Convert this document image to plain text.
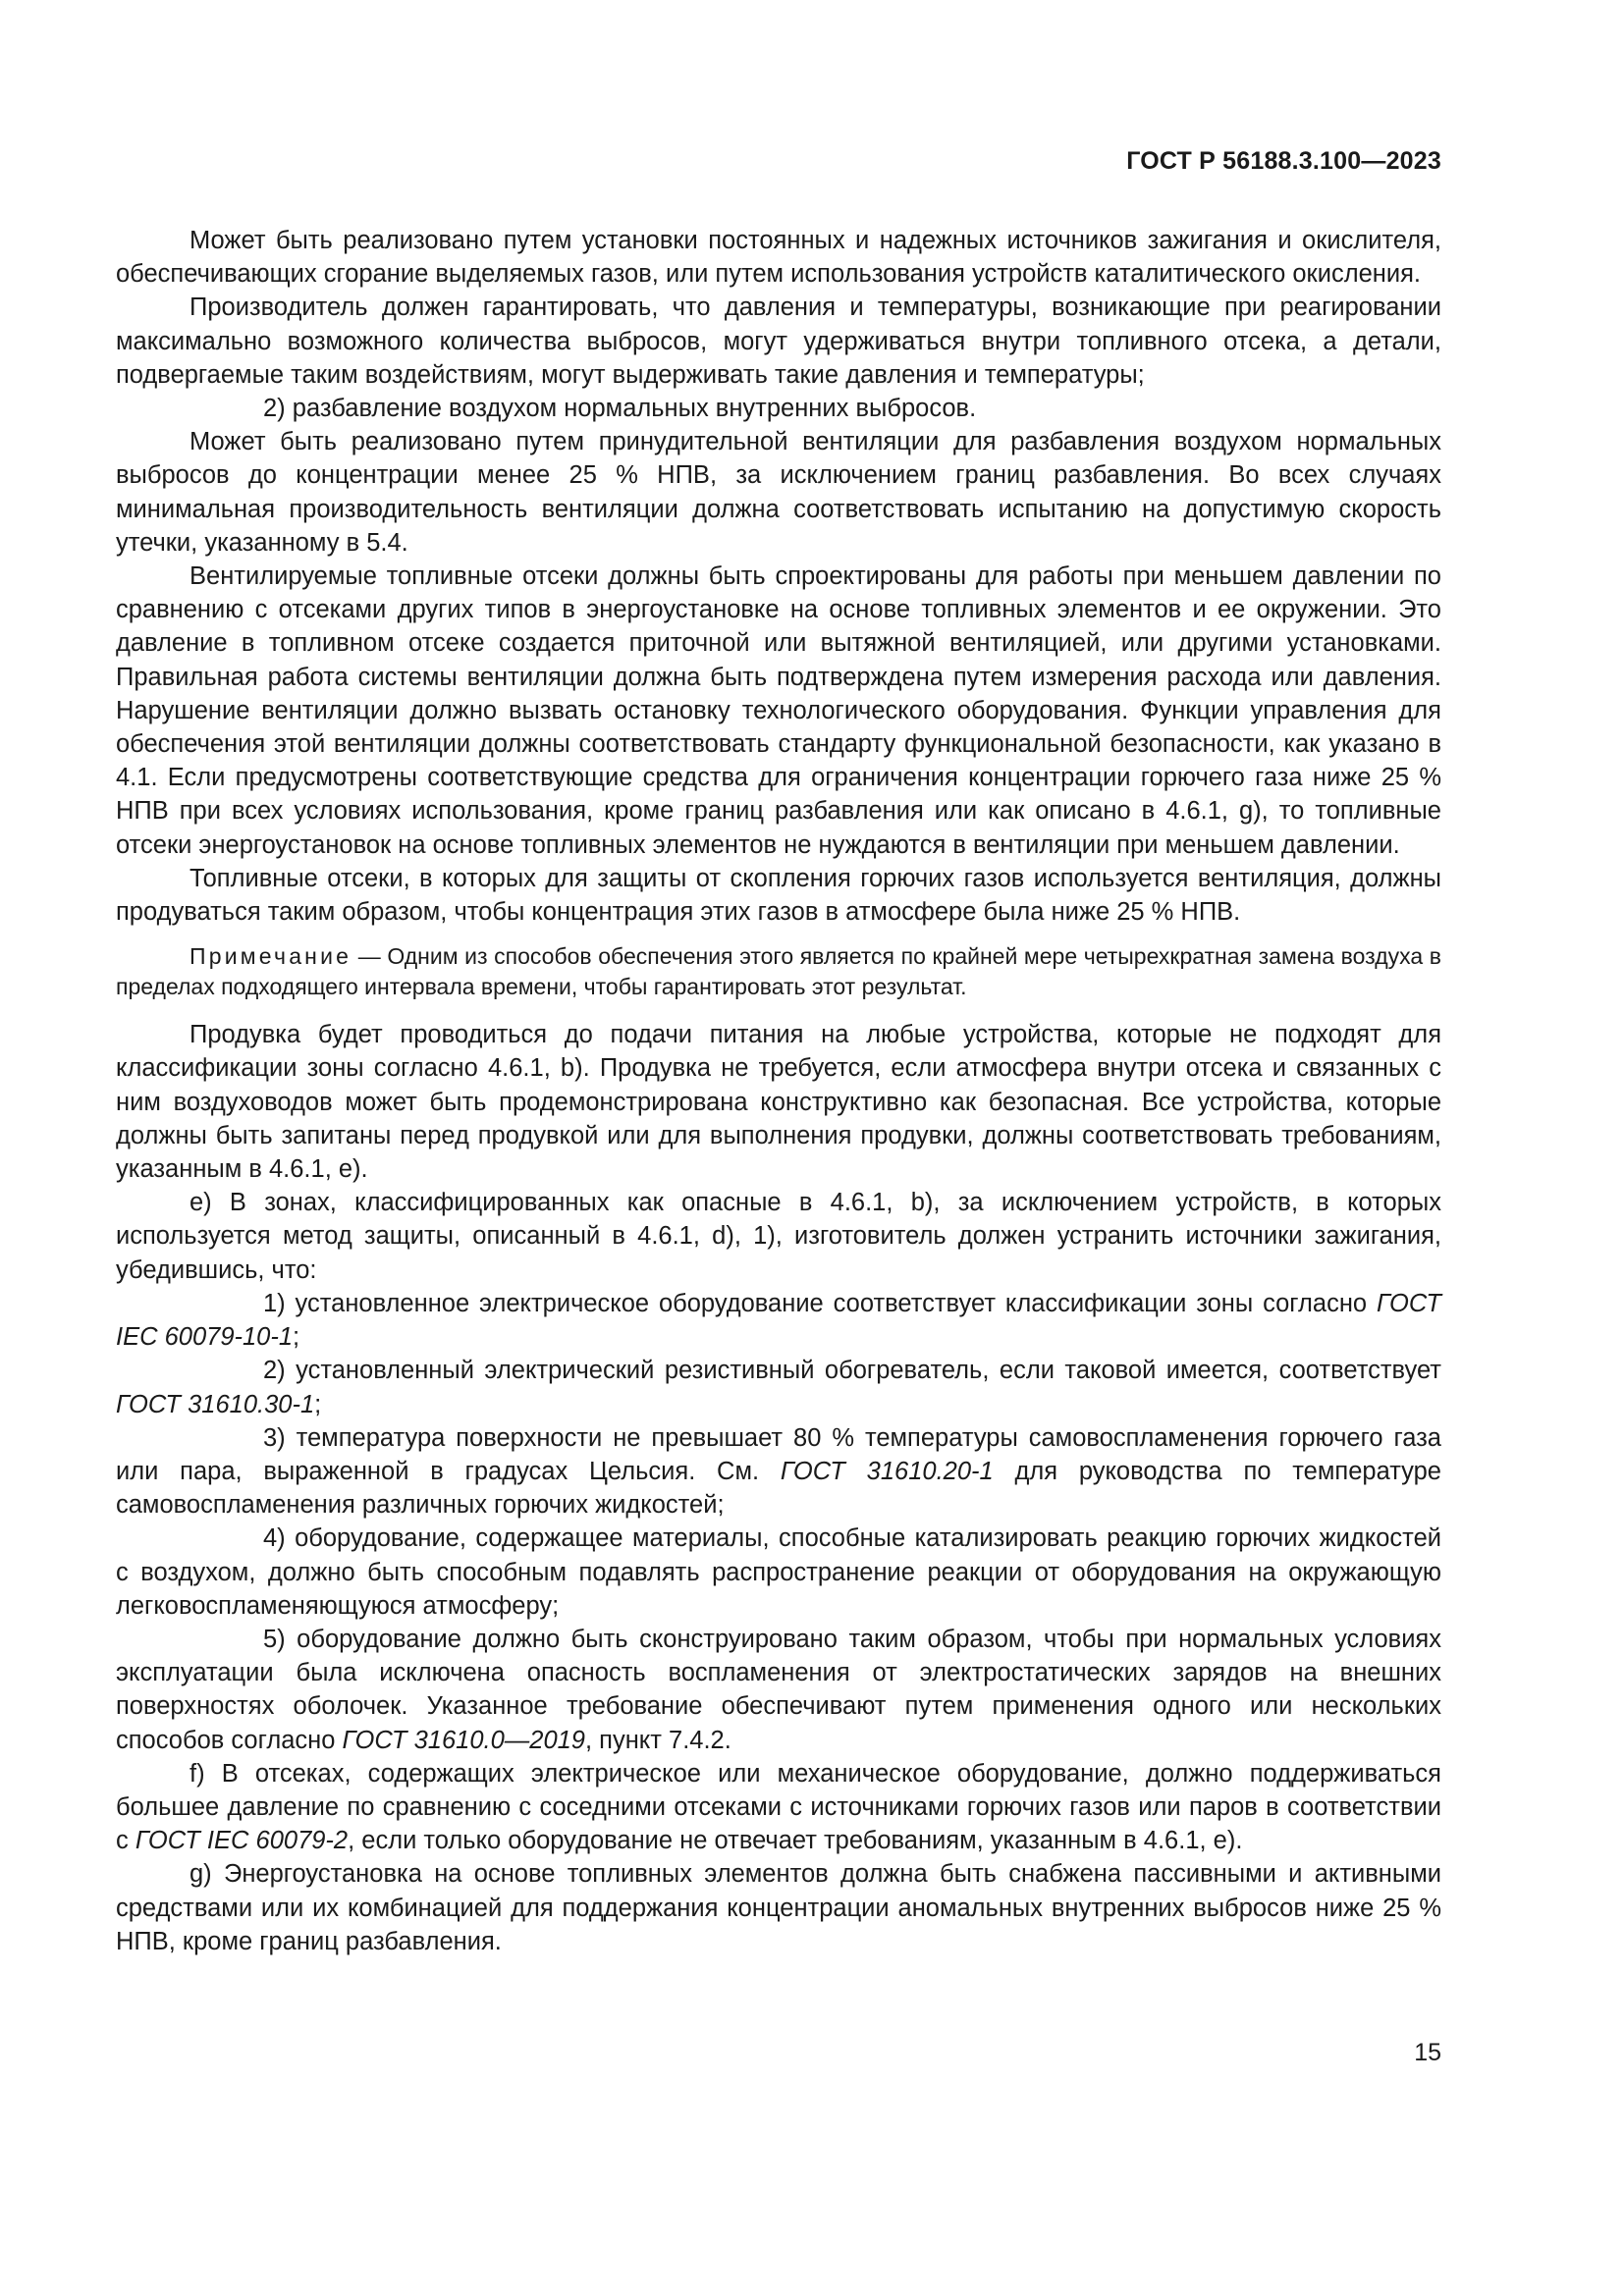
ГОСТ Р 56188.3.100—2023

Может быть реализовано путем установки постоянных и надежных источников зажигания и окислителя, обеспечивающих сгорание выделяемых газов, или путем использования устройств каталитического окисления.

Производитель должен гарантировать, что давления и температуры, возникающие при реагировании максимально возможного количества выбросов, могут удерживаться внутри топливного отсека, а детали, подвергаемые таким воздействиям, могут выдерживать такие давления и температуры;

2) разбавление воздухом нормальных внутренних выбросов.

Может быть реализовано путем принудительной вентиляции для разбавления воздухом нормальных выбросов до концентрации менее 25 % НПВ, за исключением границ разбавления. Во всех случаях минимальная производительность вентиляции должна соответствовать испытанию на допустимую скорость утечки, указанному в 5.4.

Вентилируемые топливные отсеки должны быть спроектированы для работы при меньшем давлении по сравнению с отсеками других типов в энергоустановке на основе топливных элементов и ее окружении. Это давление в топливном отсеке создается приточной или вытяжной вентиляцией, или другими установками. Правильная работа системы вентиляции должна быть подтверждена путем измерения расхода или давления. Нарушение вентиляции должно вызвать остановку технологического оборудования. Функции управления для обеспечения этой вентиляции должны соответствовать стандарту функциональной безопасности, как указано в 4.1. Если предусмотрены соответствующие средства для ограничения концентрации горючего газа ниже 25 % НПВ при всех условиях использования, кроме границ разбавления или как описано в 4.6.1, g), то топливные отсеки энергоустановок на основе топливных элементов не нуждаются в вентиляции при меньшем давлении.

Топливные отсеки, в которых для защиты от скопления горючих газов используется вентиляция, должны продуваться таким образом, чтобы концентрация этих газов в атмосфере была ниже 25 % НПВ.

Примечание — Одним из способов обеспечения этого является по крайней мере четырехкратная замена воздуха в пределах подходящего интервала времени, чтобы гарантировать этот результат.

Продувка будет проводиться до подачи питания на любые устройства, которые не подходят для классификации зоны согласно 4.6.1, b). Продувка не требуется, если атмосфера внутри отсека и связанных с ним воздуховодов может быть продемонстрирована конструктивно как безопасная. Все устройства, которые должны быть запитаны перед продувкой или для выполнения продувки, должны соответствовать требованиям, указанным в 4.6.1, е).

е) В зонах, классифицированных как опасные в 4.6.1, b), за исключением устройств, в которых используется метод защиты, описанный в 4.6.1, d), 1), изготовитель должен устранить источники зажигания, убедившись, что:

1) установленное электрическое оборудование соответствует классификации зоны согласно ГОСТ IEC 60079-10-1;

2) установленный электрический резистивный обогреватель, если таковой имеется, соответствует ГОСТ 31610.30-1;

3) температура поверхности не превышает 80 % температуры самовоспламенения горючего газа или пара, выраженной в градусах Цельсия. См. ГОСТ 31610.20-1 для руководства по температуре самовоспламенения различных горючих жидкостей;

4) оборудование, содержащее материалы, способные катализировать реакцию горючих жидкостей с воздухом, должно быть способным подавлять распространение реакции от оборудования на окружающую легковоспламеняющуюся атмосферу;

5) оборудование должно быть сконструировано таким образом, чтобы при нормальных условиях эксплуатации была исключена опасность воспламенения от электростатических зарядов на внешних поверхностях оболочек. Указанное требование обеспечивают путем применения одного или нескольких способов согласно ГОСТ 31610.0—2019, пункт 7.4.2.

f) В отсеках, содержащих электрическое или механическое оборудование, должно поддерживаться большее давление по сравнению с соседними отсеками с источниками горючих газов или паров в соответствии с ГОСТ IEC 60079-2, если только оборудование не отвечает требованиям, указанным в 4.6.1, е).

g) Энергоустановка на основе топливных элементов должна быть снабжена пассивными и активными средствами или их комбинацией для поддержания концентрации аномальных внутренних выбросов ниже 25 % НПВ, кроме границ разбавления.

15
